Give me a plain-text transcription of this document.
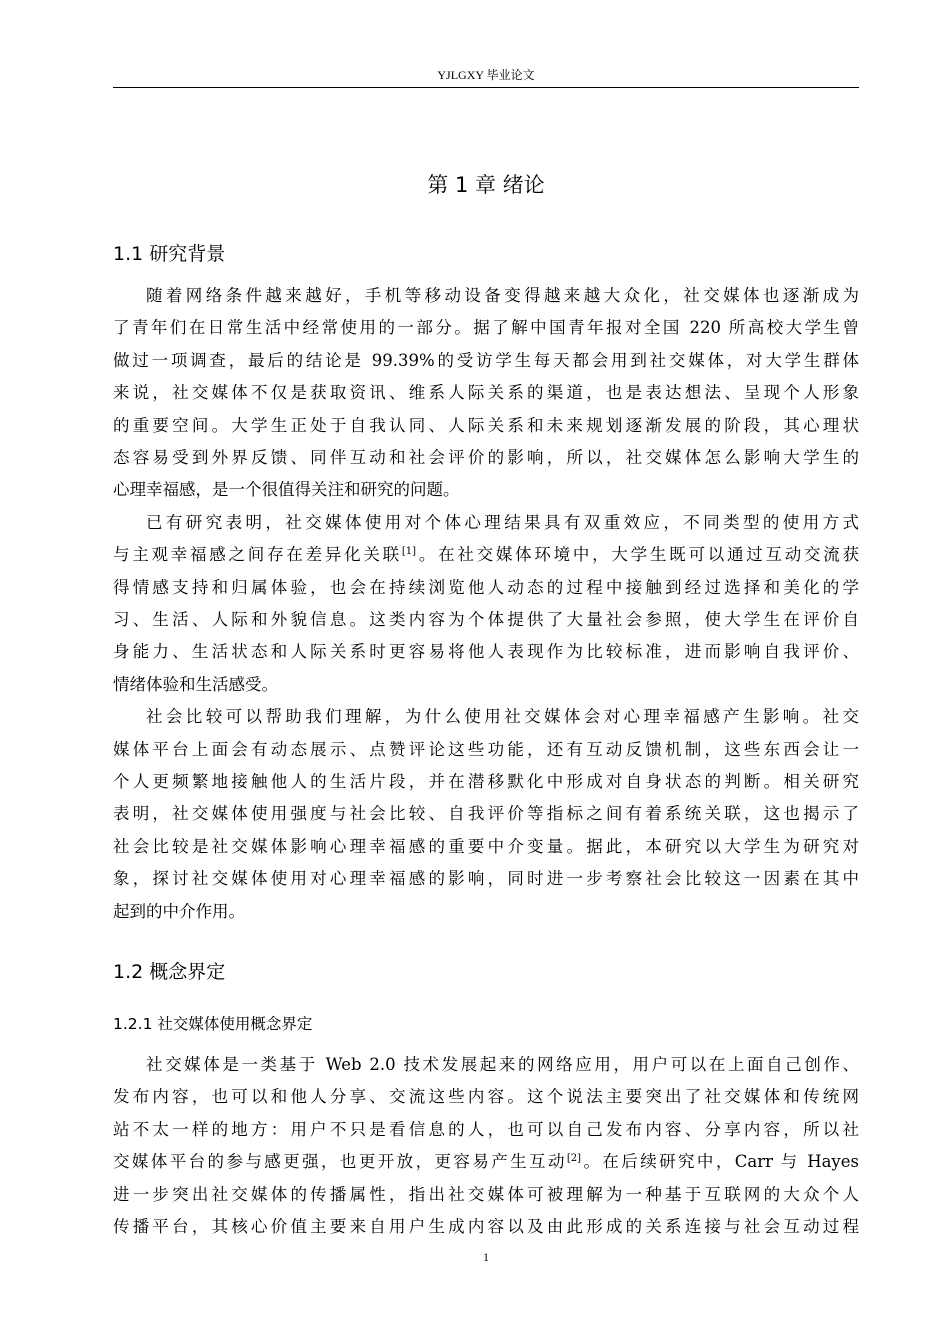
YJLGXY 毕业论文
第 1 章 绪论
1.1 研究背景
随着网络条件越来越好，手机等移动设备变得越来越大众化，社交媒体也逐渐成为
了青年们在日常生活中经常使用的一部分。据了解中国青年报对全国 220 所高校大学生曾
做过一项调查，最后的结论是 99.39%的受访学生每天都会用到社交媒体，对大学生群体
来说，社交媒体不仅是获取资讯、维系人际关系的渠道，也是表达想法、呈现个人形象
的重要空间。大学生正处于自我认同、人际关系和未来规划逐渐发展的阶段，其心理状
态容易受到外界反馈、同伴互动和社会评价的影响，所以，社交媒体怎么影响大学生的
心理幸福感，是一个很值得关注和研究的问题。
已有研究表明，社交媒体使用对个体心理结果具有双重效应，不同类型的使用方式
与主观幸福感之间存在差异化关联[1]。在社交媒体环境中，大学生既可以通过互动交流获
得情感支持和归属体验，也会在持续浏览他人动态的过程中接触到经过选择和美化的学
习、生活、人际和外貌信息。这类内容为个体提供了大量社会参照，使大学生在评价自
身能力、生活状态和人际关系时更容易将他人表现作为比较标准，进而影响自我评价、
情绪体验和生活感受。
社会比较可以帮助我们理解，为什么使用社交媒体会对心理幸福感产生影响。社交
媒体平台上面会有动态展示、点赞评论这些功能，还有互动反馈机制，这些东西会让一
个人更频繁地接触他人的生活片段，并在潜移默化中形成对自身状态的判断。相关研究
表明，社交媒体使用强度与社会比较、自我评价等指标之间有着系统关联，这也揭示了
社会比较是社交媒体影响心理幸福感的重要中介变量。据此，本研究以大学生为研究对
象，探讨社交媒体使用对心理幸福感的影响，同时进一步考察社会比较这一因素在其中
起到的中介作用。
1.2 概念界定
1.2.1 社交媒体使用概念界定
社交媒体是一类基于 Web 2.0 技术发展起来的网络应用，用户可以在上面自己创作、
发布内容，也可以和他人分享、交流这些内容。这个说法主要突出了社交媒体和传统网
站不太一样的地方：用户不只是看信息的人，也可以自己发布内容、分享内容，所以社
交媒体平台的参与感更强，也更开放，更容易产生互动[2]。在后续研究中，Carr 与 Hayes
进一步突出社交媒体的传播属性，指出社交媒体可被理解为一种基于互联网的大众个人
传播平台，其核心价值主要来自用户生成内容以及由此形成的关系连接与社会互动过程
1
